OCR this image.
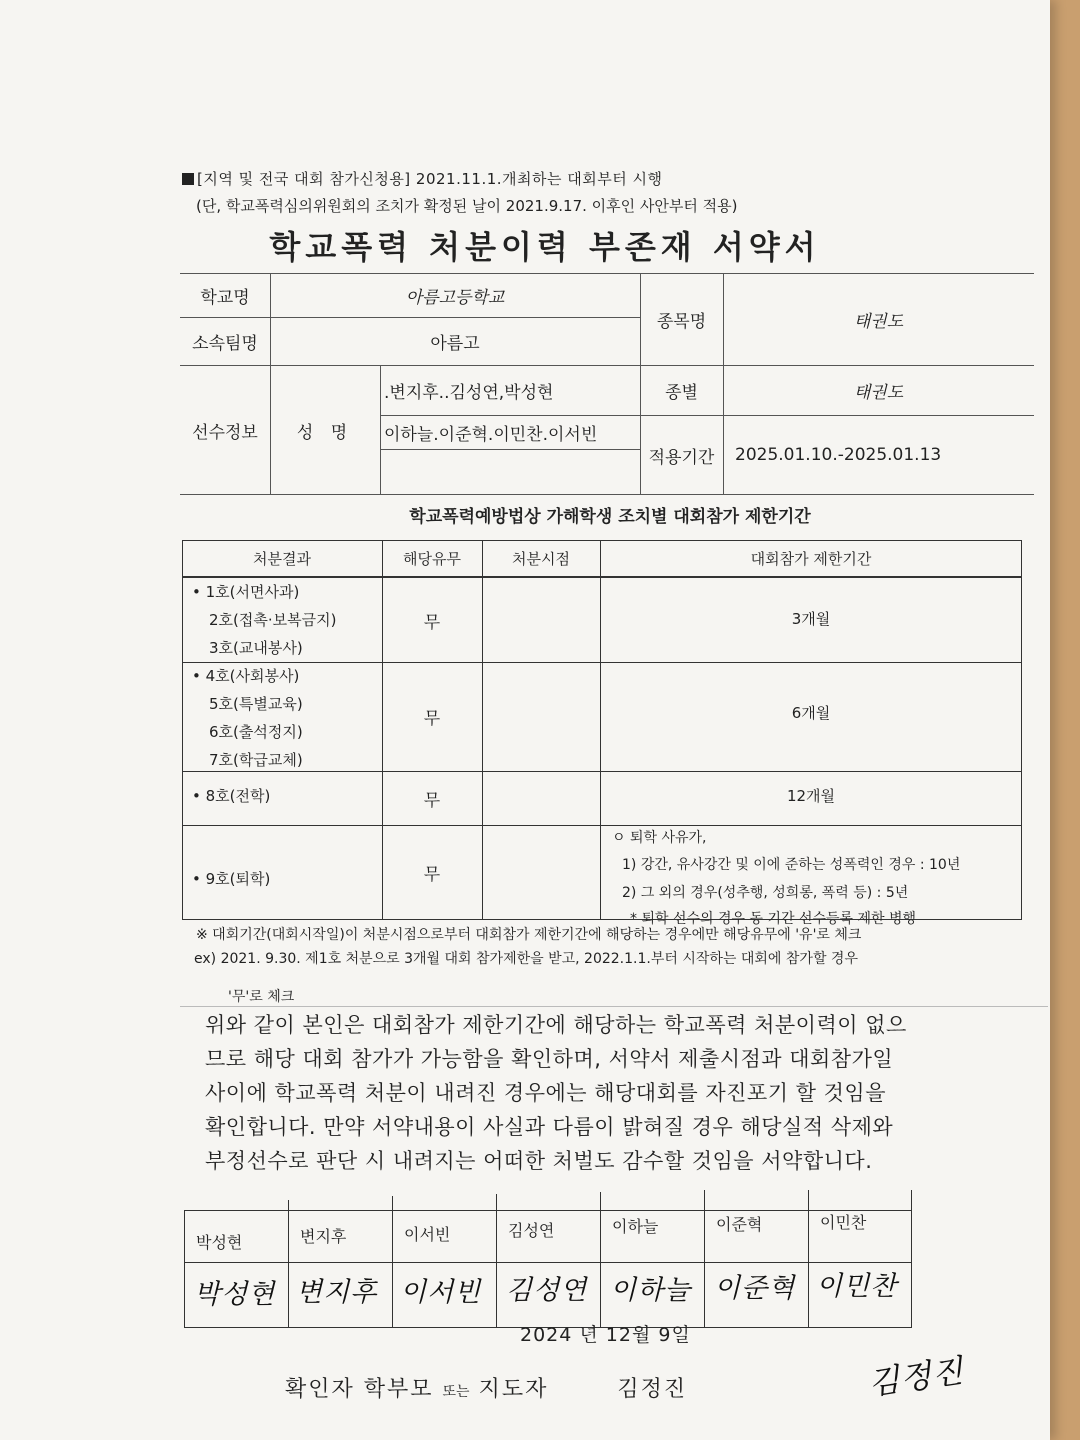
[지역 및 전국 대회 참가신청용] 2021.11.1.개최하는 대회부터 시행
(단, 학교폭력심의위원회의 조치가 확정된 날이 2021.9.17. 이후인 사안부터 적용)
학교폭력 처분이력 부존재 서약서
학교명	아름고등학교
소속팀명	아름고
종목명	태권도
선수정보	성 명
.변지후..김성연,박성현
이하늘.이준혁.이민찬.이서빈
종별	태권도
적용기간	2025.01.10.-2025.01.13
학교폭력예방법상 가해학생 조치별 대회참가 제한기간
처분결과	해당유무	처분시점	대회참가 제한기간
• 1호(서면사과)
2호(접촉·보복금지)
3호(교내봉사)
무	3개월
• 4호(사회봉사)
5호(특별교육)
6호(출석정지)
7호(학급교체)
무	6개월
• 8호(전학)	무	12개월
• 9호(퇴학)	무
ㅇ 퇴학 사유가,
1) 강간, 유사강간 및 이에 준하는 성폭력인 경우 : 10년
2) 그 외의 경우(성추행, 성희롱, 폭력 등) : 5년
* 퇴학 선수의 경우 동 기간 선수등록 제한 병행
※ 대회기간(대회시작일)이 처분시점으로부터 대회참가 제한기간에 해당하는 경우에만 해당유무에 '유'로 체크
ex) 2021. 9.30. 제1호 처분으로 3개월 대회 참가제한을 받고, 2022.1.1.부터 시작하는 대회에 참가할 경우
'무'로 체크
위와 같이 본인은 대회참가 제한기간에 해당하는 학교폭력 처분이력이 없으
므로 해당 대회 참가가 가능함을 확인하며, 서약서 제출시점과 대회참가일
사이에 학교폭력 처분이 내려진 경우에는 해당대회를 자진포기 할 것임을
확인합니다. 만약 서약내용이 사실과 다름이 밝혀질 경우 해당실적 삭제와
부정선수로 판단 시 내려지는 어떠한 처벌도 감수할 것임을 서약합니다.
박성현	변지후	이서빈	김성연	이하늘	이준혁	이민찬
박성현 변지후 이서빈 김성연 이하늘 이준혁 이민찬
2024 년 12월 9일
확인자 학부모 또는 지도자	김정진	김정진
